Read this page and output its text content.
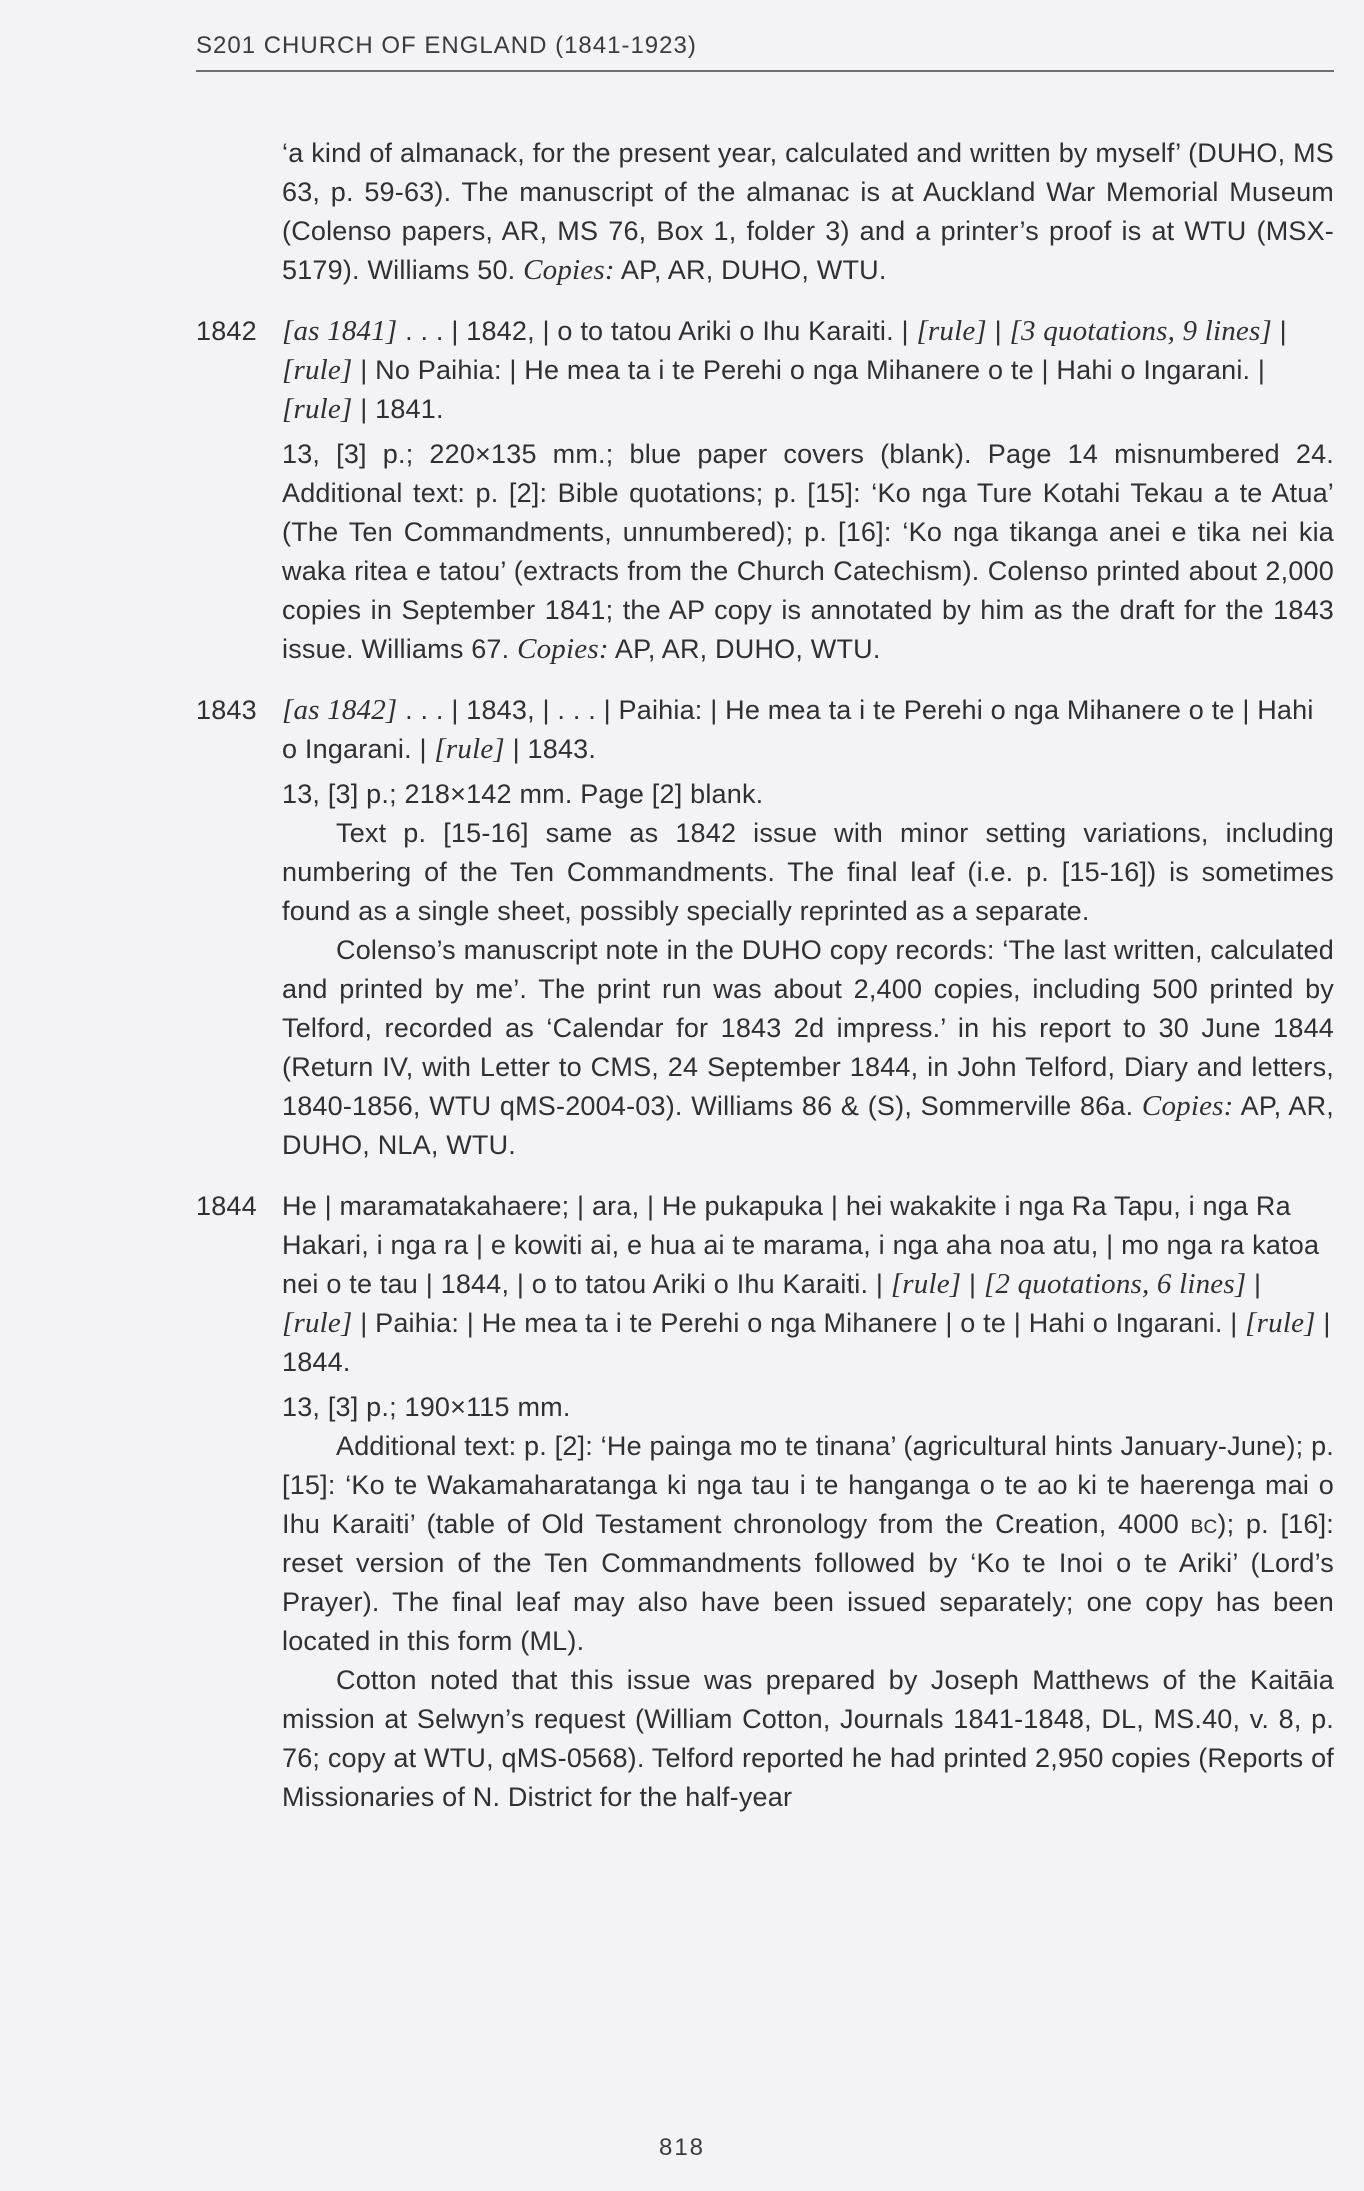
S201 CHURCH OF ENGLAND (1841-1923)

‘a kind of almanack, for the present year, calculated and written by myself’ (DUHO, MS 63, p. 59-63). The manuscript of the almanac is at Auckland War Memorial Museum (Colenso papers, AR, MS 76, Box 1, folder 3) and a printer’s proof is at WTU (MSX-5179). Williams 50. Copies: AP, AR, DUHO, WTU.

1842 [as 1841] . . . | 1842, | o to tatou Ariki o Ihu Karaiti. | [rule] | [3 quotations, 9 lines] | [rule] | No Paihia: | He mea ta i te Perehi o nga Mihanere o te | Hahi o Ingarani. | [rule] | 1841.

13, [3] p.; 220×135 mm.; blue paper covers (blank). Page 14 misnumbered 24. Additional text: p. [2]: Bible quotations; p. [15]: ‘Ko nga Ture Kotahi Tekau a te Atua’ (The Ten Commandments, unnumbered); p. [16]: ‘Ko nga tikanga anei e tika nei kia waka ritea e tatou’ (extracts from the Church Catechism). Colenso printed about 2,000 copies in September 1841; the AP copy is annotated by him as the draft for the 1843 issue. Williams 67. Copies: AP, AR, DUHO, WTU.

1843 [as 1842] . . . | 1843, | . . . | Paihia: | He mea ta i te Perehi o nga Mihanere o te | Hahi o Ingarani. | [rule] | 1843.

13, [3] p.; 218×142 mm. Page [2] blank.

Text p. [15-16] same as 1842 issue with minor setting variations, including numbering of the Ten Commandments. The final leaf (i.e. p. [15-16]) is sometimes found as a single sheet, possibly specially reprinted as a separate.

Colenso’s manuscript note in the DUHO copy records: ‘The last written, calculated and printed by me’. The print run was about 2,400 copies, including 500 printed by Telford, recorded as ‘Calendar for 1843 2d impress.’ in his report to 30 June 1844 (Return IV, with Letter to CMS, 24 September 1844, in John Telford, Diary and letters, 1840-1856, WTU qMS-2004-03). Williams 86 & (S), Sommerville 86a. Copies: AP, AR, DUHO, NLA, WTU.

1844 He | maramatakahaere; | ara, | He pukapuka | hei wakakite i nga Ra Tapu, i nga Ra Hakari, i nga ra | e kowiti ai, e hua ai te marama, i nga aha noa atu, | mo nga ra katoa nei o te tau | 1844, | o to tatou Ariki o Ihu Karaiti. | [rule] | [2 quotations, 6 lines] | [rule] | Paihia: | He mea ta i te Perehi o nga Mihanere | o te | Hahi o Ingarani. | [rule] | 1844.

13, [3] p.; 190×115 mm.

Additional text: p. [2]: ‘He painga mo te tinana’ (agricultural hints January-June); p. [15]: ‘Ko te Wakamaharatanga ki nga tau i te hanganga o te ao ki te haerenga mai o Ihu Karaiti’ (table of Old Testament chronology from the Creation, 4000 bc); p. [16]: reset version of the Ten Commandments followed by ‘Ko te Inoi o te Ariki’ (Lord’s Prayer). The final leaf may also have been issued separately; one copy has been located in this form (ML).

Cotton noted that this issue was prepared by Joseph Matthews of the Kaitāia mission at Selwyn’s request (William Cotton, Journals 1841-1848, DL, MS.40, v. 8, p. 76; copy at WTU, qMS-0568). Telford reported he had printed 2,950 copies (Reports of Missionaries of N. District for the half-year

818
